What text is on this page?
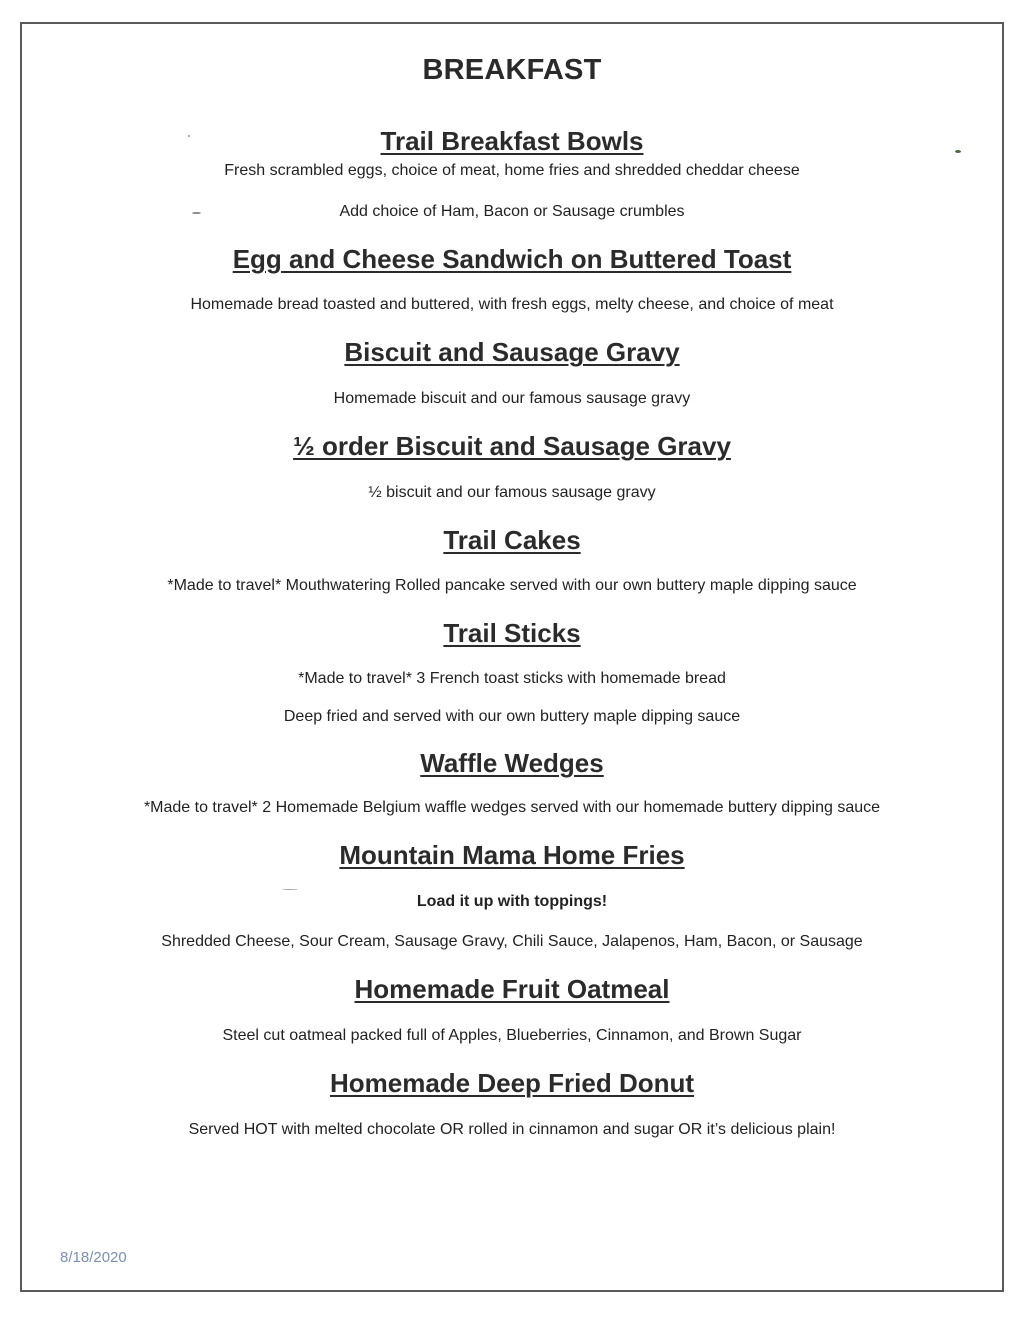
BREAKFAST
Trail Breakfast Bowls
Fresh scrambled eggs, choice of meat, home fries and shredded cheddar cheese
Add choice of Ham, Bacon or Sausage crumbles
Egg and Cheese Sandwich on Buttered Toast
Homemade bread toasted and buttered, with fresh eggs, melty cheese, and choice of meat
Biscuit and Sausage Gravy
Homemade biscuit and our famous sausage gravy
½ order Biscuit and Sausage Gravy
½ biscuit and our famous sausage gravy
Trail Cakes
*Made to travel* Mouthwatering Rolled pancake served with our own buttery maple dipping sauce
Trail Sticks
*Made to travel* 3 French toast sticks with homemade bread
Deep fried and served with our own buttery maple dipping sauce
Waffle Wedges
*Made to travel* 2 Homemade Belgium waffle wedges served with our homemade buttery dipping sauce
Mountain Mama Home Fries
Load it up with toppings!
Shredded Cheese, Sour Cream, Sausage Gravy, Chili Sauce, Jalapenos, Ham, Bacon, or Sausage
Homemade Fruit Oatmeal
Steel cut oatmeal packed full of Apples, Blueberries, Cinnamon, and Brown Sugar
Homemade Deep Fried Donut
Served HOT with melted chocolate OR rolled in cinnamon and sugar OR it’s delicious plain!
8/18/2020
